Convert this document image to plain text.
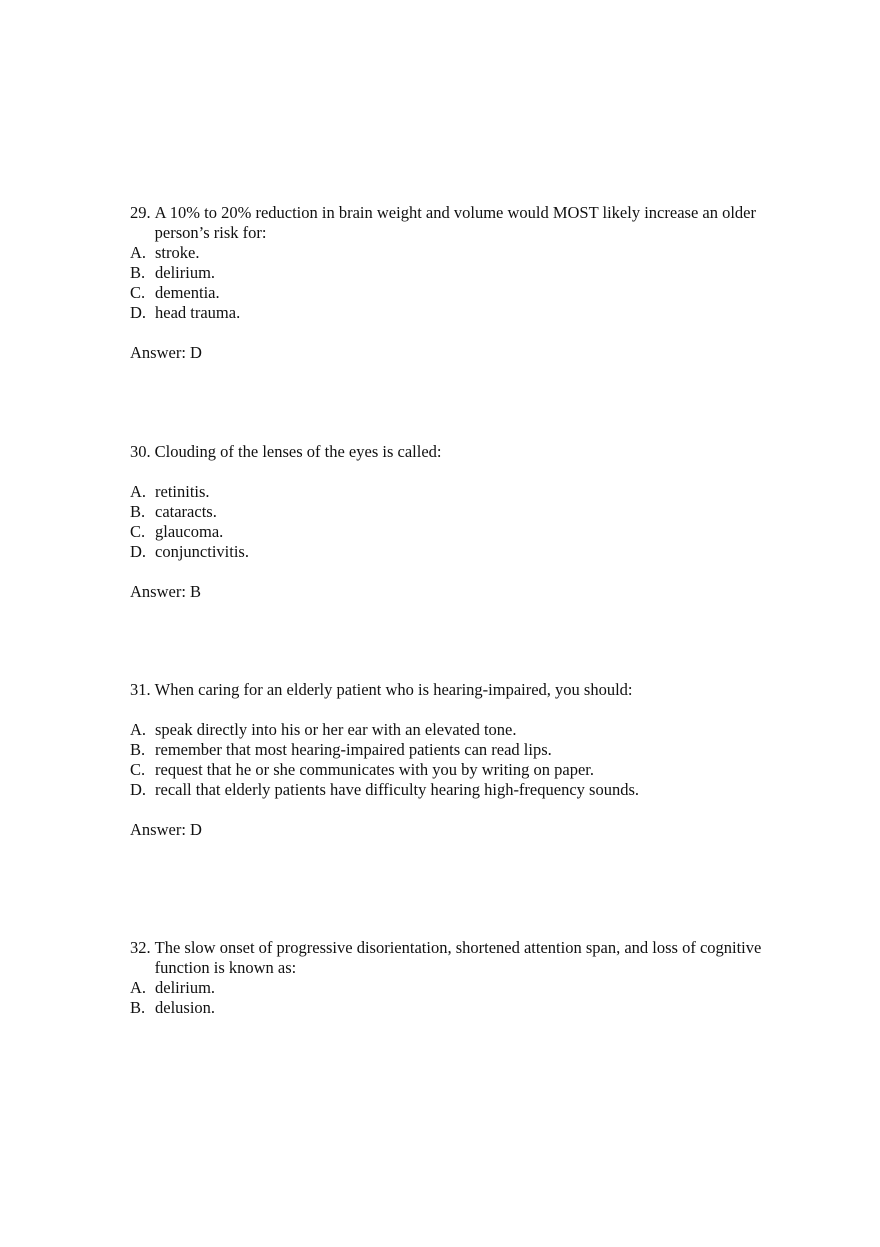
29. A 10% to 20% reduction in brain weight and volume would MOST likely increase an older person’s risk for:
A. stroke.
B. delirium.
C. dementia.
D. head trauma.
Answer: D
30. Clouding of the lenses of the eyes is called:
A. retinitis.
B. cataracts.
C. glaucoma.
D. conjunctivitis.
Answer: B
31. When caring for an elderly patient who is hearing-impaired, you should:
A. speak directly into his or her ear with an elevated tone.
B. remember that most hearing-impaired patients can read lips.
C. request that he or she communicates with you by writing on paper.
D. recall that elderly patients have difficulty hearing high-frequency sounds.
Answer: D
32. The slow onset of progressive disorientation, shortened attention span, and loss of cognitive function is known as:
A. delirium.
B. delusion.
